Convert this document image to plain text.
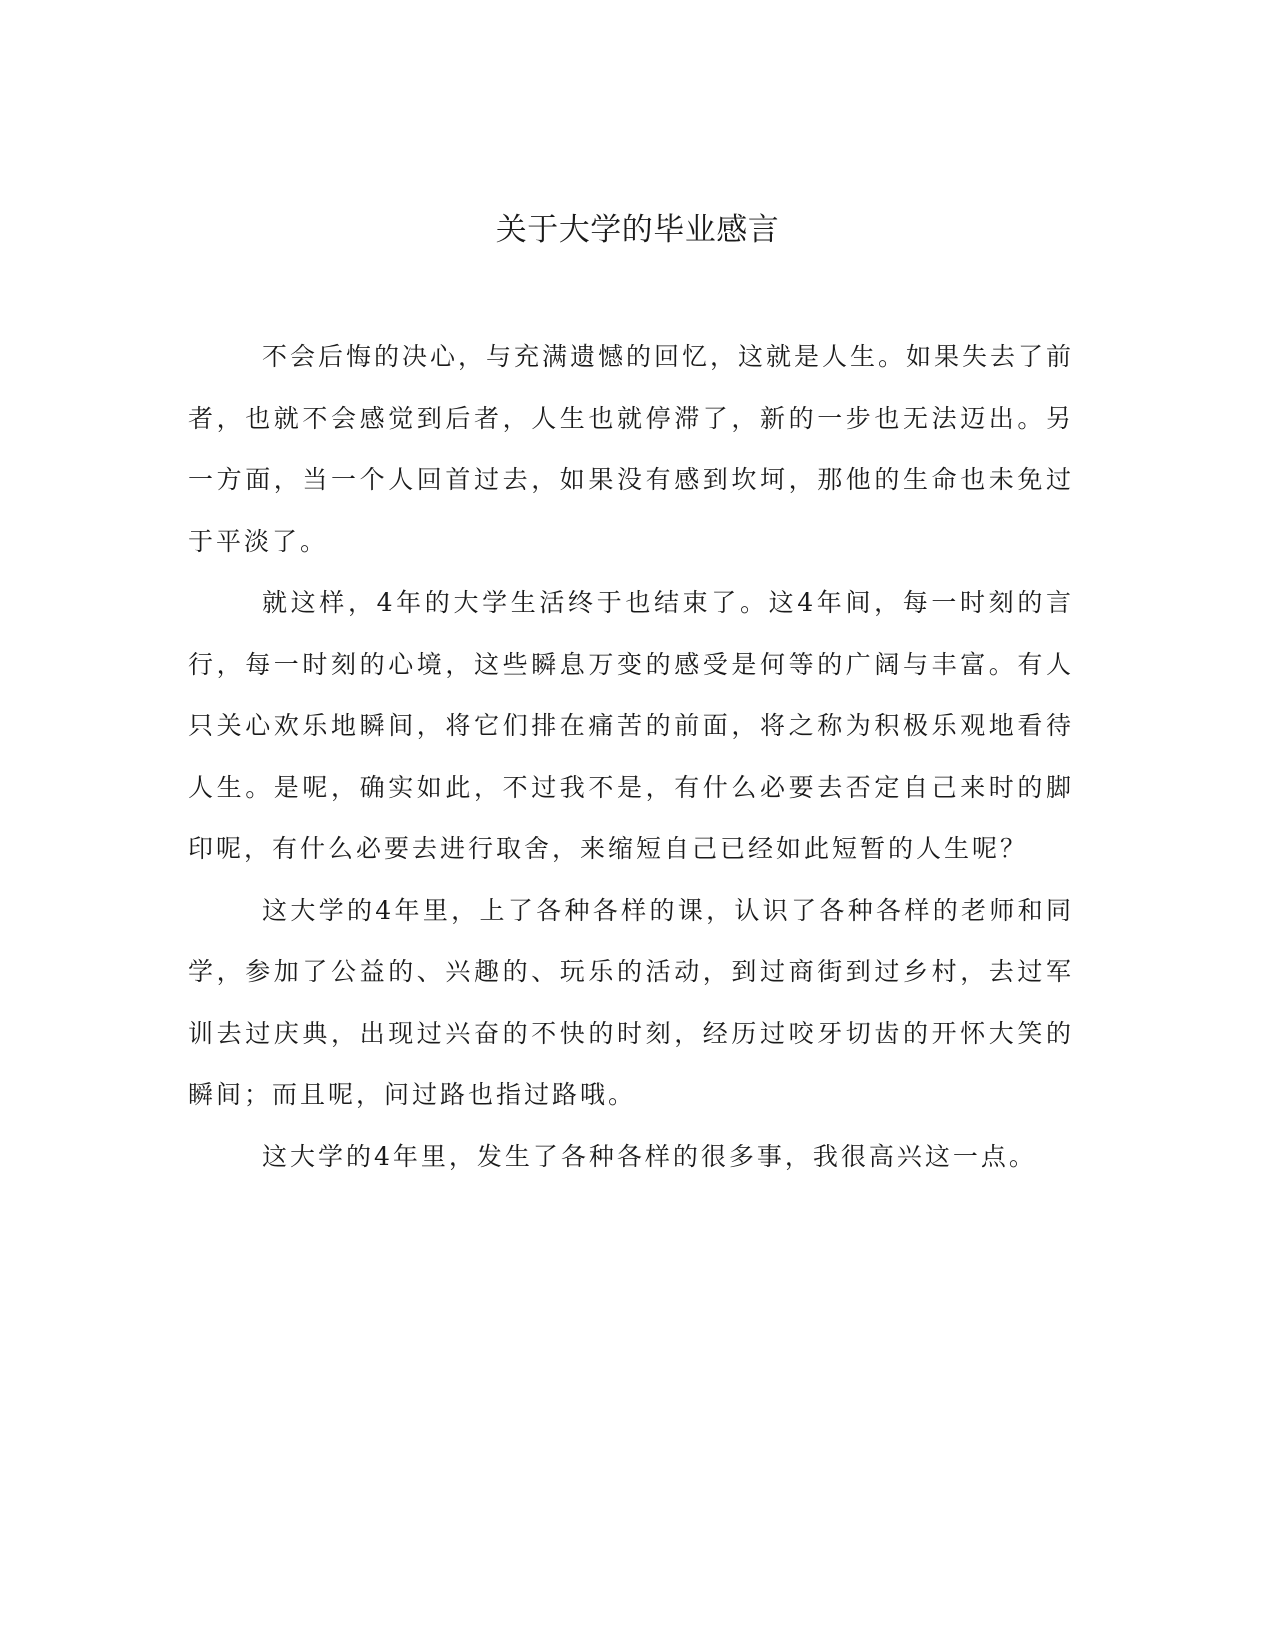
关于大学的毕业感言

不会后悔的决心，与充满遗憾的回忆，这就是人生。如果失去了前者，也就不会感觉到后者，人生也就停滞了，新的一步也无法迈出。另一方面，当一个人回首过去，如果没有感到坎坷，那他的生命也未免过于平淡了。

就这样，4年的大学生活终于也结束了。这4年间，每一时刻的言行，每一时刻的心境，这些瞬息万变的感受是何等的广阔与丰富。有人只关心欢乐地瞬间，将它们排在痛苦的前面，将之称为积极乐观地看待人生。是呢，确实如此，不过我不是，有什么必要去否定自己来时的脚印呢，有什么必要去进行取舍，来缩短自己已经如此短暂的人生呢？

这大学的4年里，上了各种各样的课，认识了各种各样的老师和同学，参加了公益的、兴趣的、玩乐的活动，到过商街到过乡村，去过军训去过庆典，出现过兴奋的不快的时刻，经历过咬牙切齿的开怀大笑的瞬间；而且呢，问过路也指过路哦。

这大学的4年里，发生了各种各样的很多事，我很高兴这一点。
